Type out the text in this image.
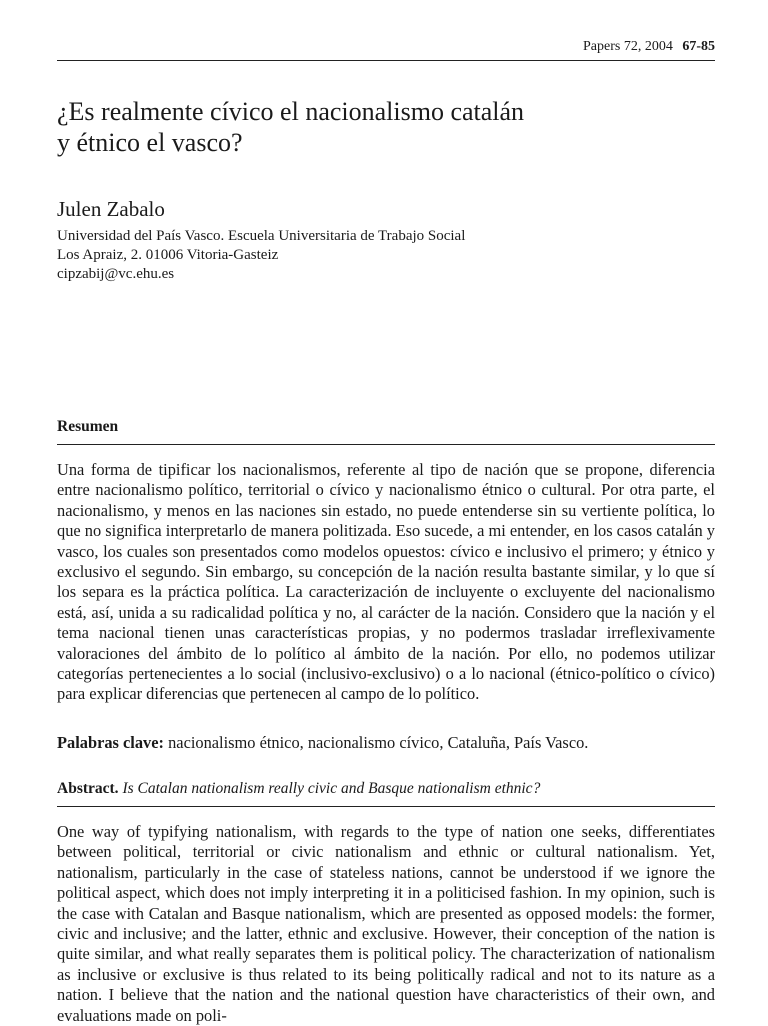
Papers 72, 2004 67-85
¿Es realmente cívico el nacionalismo catalán
y étnico el vasco?
Julen Zabalo
Universidad del País Vasco. Escuela Universitaria de Trabajo Social
Los Apraiz, 2. 01006 Vitoria-Gasteiz
cipzabij@vc.ehu.es
Resumen

Una forma de tipificar los nacionalismos, referente al tipo de nación que se propone, diferencia entre nacionalismo político, territorial o cívico y nacionalismo étnico o cultural. Por otra parte, el nacionalismo, y menos en las naciones sin estado, no puede entenderse sin su vertiente política, lo que no significa interpretarlo de manera politizada. Eso sucede, a mi entender, en los casos catalán y vasco, los cuales son presentados como modelos opuestos: cívico e inclusivo el primero; y étnico y exclusivo el segundo. Sin embargo, su concepción de la nación resulta bastante similar, y lo que sí los separa es la práctica política. La caracterización de incluyente o excluyente del nacionalismo está, así, unida a su radicalidad política y no, al carácter de la nación. Considero que la nación y el tema nacional tienen unas características propias, y no podermos trasladar irreflexivamente valoraciones del ámbito de lo político al ámbito de la nación. Por ello, no podemos utilizar categorías pertenecientes a lo social (inclusivo-exclusivo) o a lo nacional (étnico-político o cívico) para explicar diferencias que pertenecen al campo de lo político.

Palabras clave: nacionalismo étnico, nacionalismo cívico, Cataluña, País Vasco.
Abstract. Is Catalan nationalism really civic and Basque nationalism ethnic?

One way of typifying nationalism, with regards to the type of nation one seeks, differentiates between political, territorial or civic nationalism and ethnic or cultural nationalism. Yet, nationalism, particularly in the case of stateless nations, cannot be understood if we ignore the political aspect, which does not imply interpreting it in a politicised fashion. In my opinion, such is the case with Catalan and Basque nationalism, which are presented as opposed models: the former, civic and inclusive; and the latter, ethnic and exclusive. However, their conception of the nation is quite similar, and what really separates them is political policy. The characterization of nationalism as inclusive or exclusive is thus related to its being politically radical and not to its nature as a nation. I believe that the nation and the national question have characteristics of their own, and evaluations made on poli-
